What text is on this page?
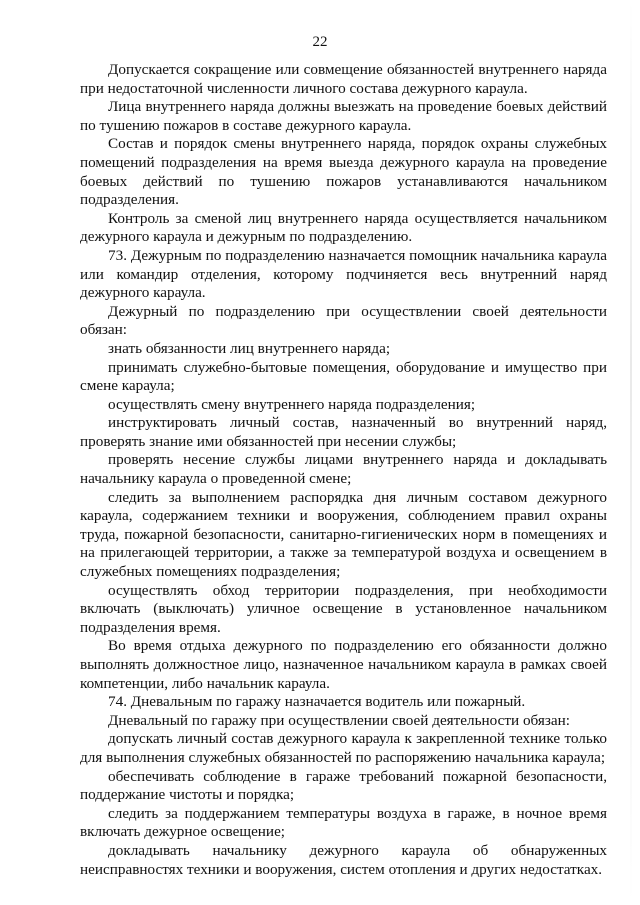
22

Допускается сокращение или совмещение обязанностей внутреннего наряда при недостаточной численности личного состава дежурного караула.

Лица внутреннего наряда должны выезжать на проведение боевых действий по тушению пожаров в составе дежурного караула.

Состав и порядок смены внутреннего наряда, порядок охраны служебных помещений подразделения на время выезда дежурного караула на проведение боевых действий по тушению пожаров устанавливаются начальником подразделения.

Контроль за сменой лиц внутреннего наряда осуществляется начальником дежурного караула и дежурным по подразделению.

73. Дежурным по подразделению назначается помощник начальника караула или командир отделения, которому подчиняется весь внутренний наряд дежурного караула.

Дежурный по подразделению при осуществлении своей деятельности обязан:

знать обязанности лиц внутреннего наряда;

принимать служебно-бытовые помещения, оборудование и имущество при смене караула;

осуществлять смену внутреннего наряда подразделения;

инструктировать личный состав, назначенный во внутренний наряд, проверять знание ими обязанностей при несении службы;

проверять несение службы лицами внутреннего наряда и докладывать начальнику караула о проведенной смене;

следить за выполнением распорядка дня личным составом дежурного караула, содержанием техники и вооружения, соблюдением правил охраны труда, пожарной безопасности, санитарно-гигиенических норм в помещениях и на прилегающей территории, а также за температурой воздуха и освещением в служебных помещениях подразделения;

осуществлять обход территории подразделения, при необходимости включать (выключать) уличное освещение в установленное начальником подразделения время.

Во время отдыха дежурного по подразделению его обязанности должно выполнять должностное лицо, назначенное начальником караула в рамках своей компетенции, либо начальник караула.

74. Дневальным по гаражу назначается водитель или пожарный.

Дневальный по гаражу при осуществлении своей деятельности обязан:

допускать личный состав дежурного караула к закрепленной технике только для выполнения служебных обязанностей по распоряжению начальника караула;

обеспечивать соблюдение в гараже требований пожарной безопасности, поддержание чистоты и порядка;

следить за поддержанием температуры воздуха в гараже, в ночное время включать дежурное освещение;

докладывать начальнику дежурного караула об обнаруженных неисправностях техники и вооружения, систем отопления и других недостатках.
